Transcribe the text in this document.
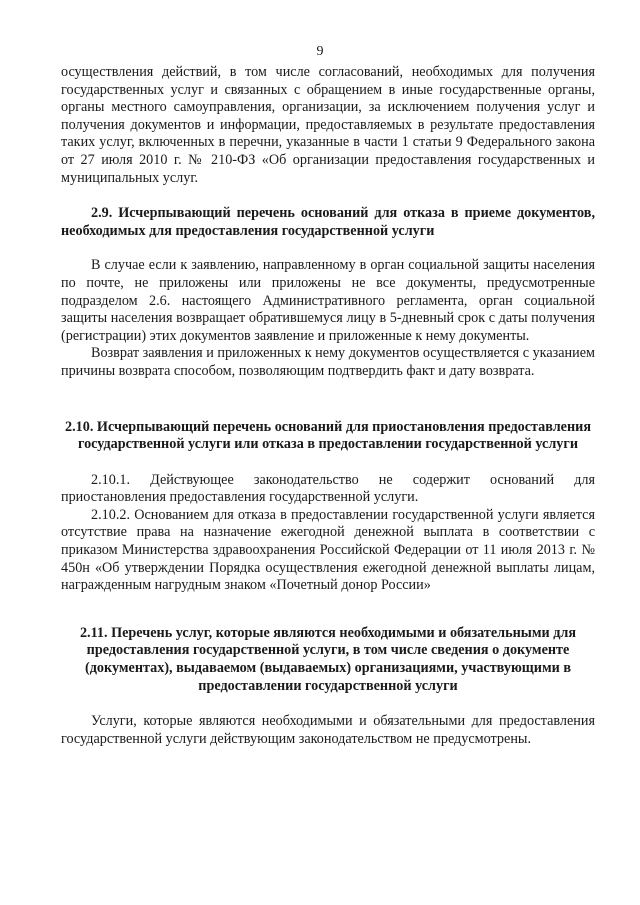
9

осуществления действий, в том числе согласований, необходимых для получения государственных услуг и связанных с обращением в иные государственные органы, органы местного самоуправления, организации, за исключением получения услуг и получения документов и информации, предоставляемых в результате предоставления таких услуг, включенных в перечни, указанные в части 1 статьи 9 Федерального закона от 27 июля 2010 г. № 210-ФЗ «Об организации предоставления государственных и муниципальных услуг.

2.9. Исчерпывающий перечень оснований для отказа в приеме документов, необходимых для предоставления государственной услуги

В случае если к заявлению, направленному в орган социальной защиты населения по почте, не приложены или приложены не все документы, предусмотренные подразделом 2.6. настоящего Административного регламента, орган социальной защиты населения возвращает обратившемуся лицу в 5-дневный срок с даты получения (регистрации) этих документов заявление и приложенные к нему документы.

Возврат заявления и приложенных к нему документов осуществляется с указанием причины возврата способом, позволяющим подтвердить факт и дату возврата.

2.10. Исчерпывающий перечень оснований для приостановления предоставления государственной услуги или отказа в предоставлении государственной услуги

2.10.1. Действующее законодательство не содержит оснований для приостановления предоставления государственной услуги.

2.10.2. Основанием для отказа в предоставлении государственной услуги является отсутствие права на назначение ежегодной денежной выплата в соответствии с приказом Министерства здравоохранения Российской Федерации от 11 июля 2013 г. № 450н «Об утверждении Порядка осуществления ежегодной денежной выплаты лицам, награжденным нагрудным знаком «Почетный донор России»

2.11. Перечень услуг, которые являются необходимыми и обязательными для предоставления государственной услуги, в том числе сведения о документе (документах), выдаваемом (выдаваемых) организациями, участвующими в предоставлении государственной услуги

Услуги, которые являются необходимыми и обязательными для предоставления государственной услуги действующим законодательством не предусмотрены.
